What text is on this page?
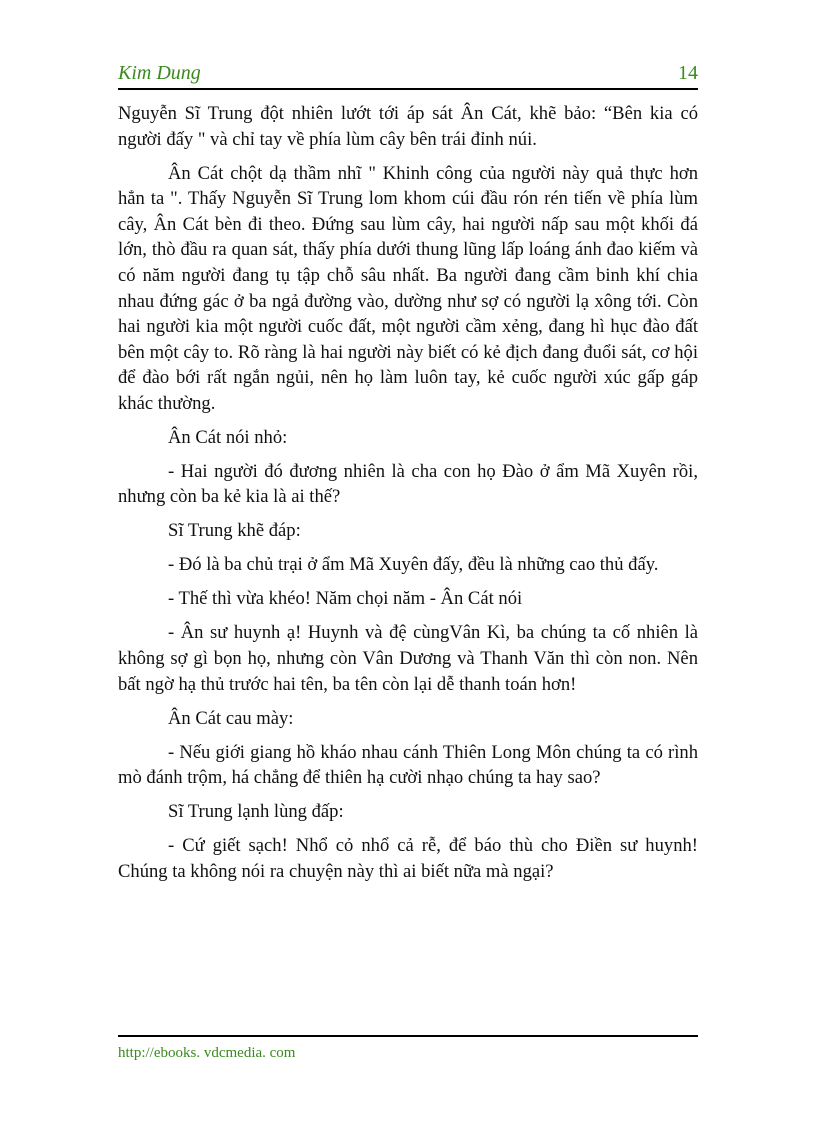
Kim Dung	14

Nguyễn Sĩ Trung đột nhiên lướt tới áp sát Ân Cát, khẽ bảo: “Bên kia có người đấy " và chỉ tay về phía lùm cây bên trái đỉnh núi.

Ân Cát chột dạ thầm nhĩ " Khinh công của người này quả thực hơn hẳn ta ". Thấy Nguyễn Sĩ Trung lom khom cúi đầu rón rén tiến về phía lùm cây, Ân Cát bèn đi theo. Đứng sau lùm cây, hai người nấp sau một khối đá lớn, thò đầu ra quan sát, thấy phía dưới thung lũng lấp loáng ánh đao kiếm và có năm người đang tụ tập chỗ sâu nhất. Ba người đang cầm binh khí chia nhau đứng gác ở ba ngả đường vào, dường như sợ có người lạ xông tới. Còn hai người kia một người cuốc đất, một người cầm xẻng, đang hì hục đào đất bên một cây to. Rõ ràng là hai người này biết có kẻ địch đang đuổi sát, cơ hội để đào bới rất ngắn ngủi, nên họ làm luôn tay, kẻ cuốc người xúc gấp gáp khác thường.

Ân Cát nói nhỏ:

- Hai người đó đương nhiên là cha con họ Đào ở ẩm Mã Xuyên rồi, nhưng còn ba kẻ kia là ai thế?

Sĩ Trung khẽ đáp:

- Đó là ba chủ trại ở ẩm Mã Xuyên đấy, đều là những cao thủ đấy.

- Thế thì vừa khéo! Năm chọi năm - Ân Cát nói

- Ân sư huynh ạ! Huynh và đệ cùngVân Kì, ba chúng ta cố nhiên là không sợ gì bọn họ, nhưng còn Vân Dương và Thanh Văn thì còn non. Nên bất ngờ hạ thủ trước hai tên, ba tên còn lại dễ thanh toán hơn!

Ân Cát cau mày:

- Nếu giới giang hồ kháo nhau cánh Thiên Long Môn chúng ta có rình mò đánh trộm, há chẳng để thiên hạ cười nhạo chúng ta hay sao?

Sĩ Trung lạnh lùng đấp:

- Cứ giết sạch! Nhổ cỏ nhổ cả rễ, để báo thù cho Điền sư huynh! Chúng ta không nói ra chuyện này thì ai biết nữa mà ngại?

http://ebooks. vdcmedia. com
